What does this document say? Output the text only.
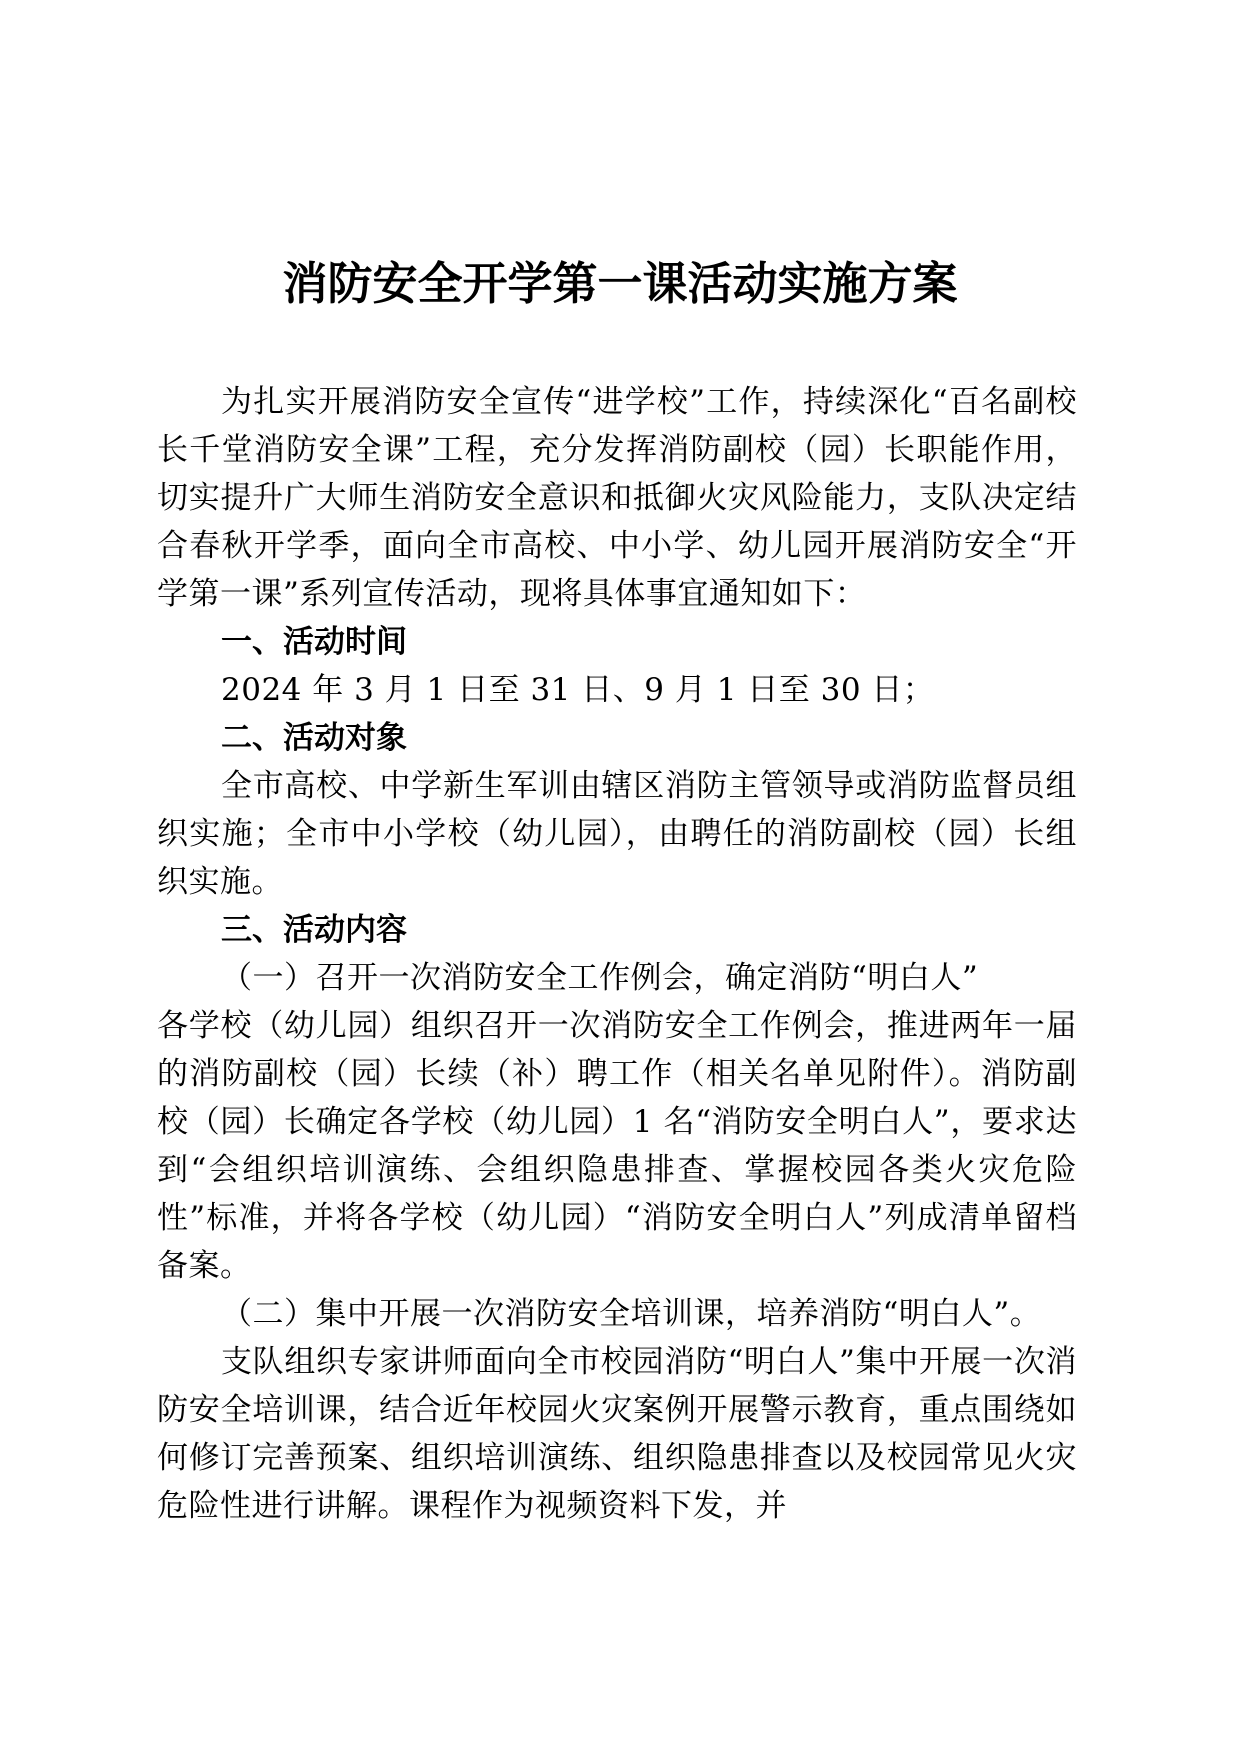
消防安全开学第一课活动实施方案

为扎实开展消防安全宣传“进学校”工作，持续深化“百名副校长千堂消防安全课”工程，充分发挥消防副校（园）长职能作用，切实提升广大师生消防安全意识和抵御火灾风险能力，支队决定结合春秋开学季，面向全市高校、中小学、幼儿园开展消防安全“开学第一课”系列宣传活动，现将具体事宜通知如下：

一、活动时间

2024 年 3 月 1 日至 31 日、9 月 1 日至 30 日；

二、活动对象

全市高校、中学新生军训由辖区消防主管领导或消防监督员组织实施；全市中小学校（幼儿园），由聘任的消防副校（园）长组织实施。

三、活动内容

（一）召开一次消防安全工作例会，确定消防“明白人”

各学校（幼儿园）组织召开一次消防安全工作例会，推进两年一届的消防副校（园）长续（补）聘工作（相关名单见附件）。消防副校（园）长确定各学校（幼儿园）1 名“消防安全明白人”，要求达到“会组织培训演练、会组织隐患排查、掌握校园各类火灾危险性”标准，并将各学校（幼儿园）“消防安全明白人”列成清单留档备案。

（二）集中开展一次消防安全培训课，培养消防“明白人”。

支队组织专家讲师面向全市校园消防“明白人”集中开展一次消防安全培训课，结合近年校园火灾案例开展警示教育，重点围绕如何修订完善预案、组织培训演练、组织隐患排查以及校园常见火灾危险性进行讲解。课程作为视频资料下发，并
